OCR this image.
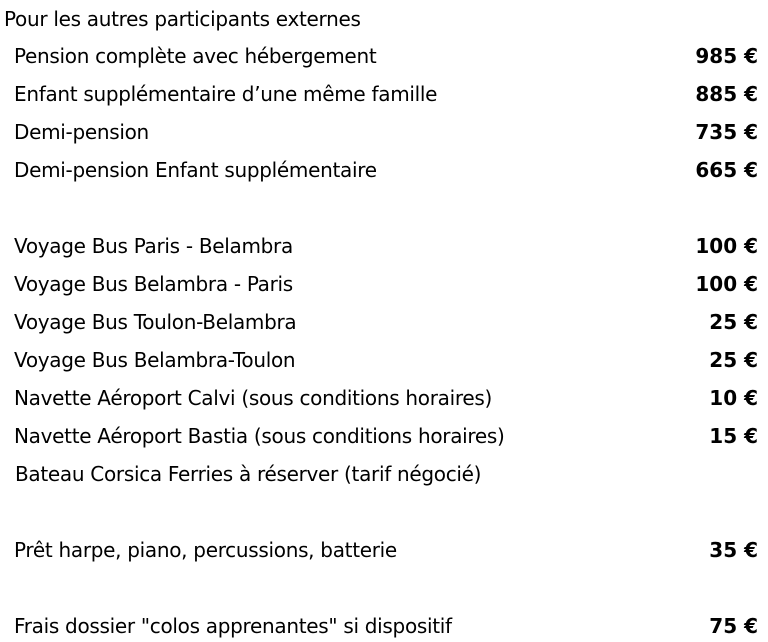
Pour les autres participants externes
Pension complète avec hébergement	985 €
Enfant supplémentaire d’une même famille	885 €
Demi-pension	735 €
Demi-pension Enfant supplémentaire	665 €
Voyage Bus Paris - Belambra	100 €
Voyage Bus Belambra - Paris	100 €
Voyage Bus Toulon-Belambra	25 €
Voyage Bus Belambra-Toulon	25 €
Navette Aéroport Calvi (sous conditions horaires)	10 €
Navette Aéroport Bastia (sous conditions horaires)	15 €
Bateau Corsica Ferries à réserver (tarif négocié)
Prêt harpe, piano, percussions, batterie	35 €
Frais dossier "colos apprenantes" si dispositif	75 €
